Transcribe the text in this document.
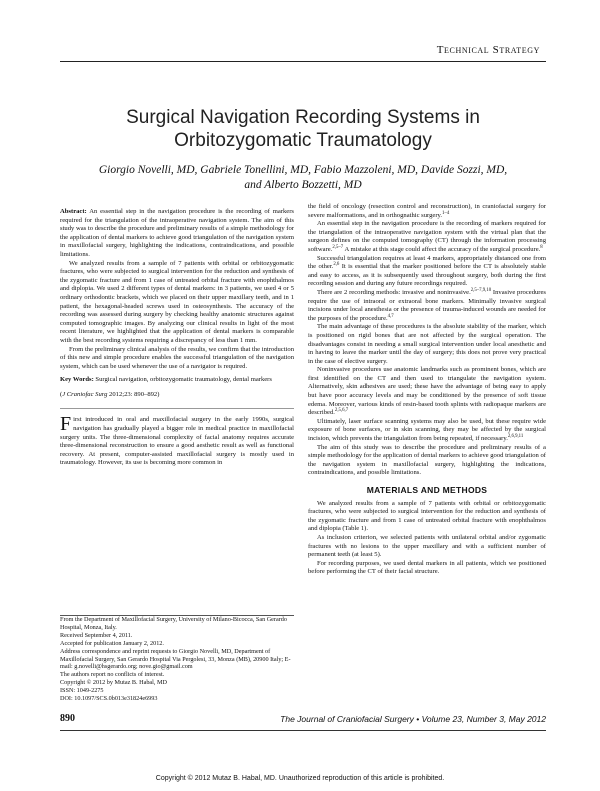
Technical Strategy
Surgical Navigation Recording Systems in Orbitozygomatic Traumatology
Giorgio Novelli, MD, Gabriele Tonellini, MD, Fabio Mazzoleni, MD, Davide Sozzi, MD,
and Alberto Bozzetti, MD

Abstract: An essential step in the navigation procedure is the recording of markers required for the triangulation of the intraoperative navigation system. The aim of this study was to describe the procedure and preliminary results of a simple methodology for the application of dental markers to achieve good triangulation of the navigation system in maxillofacial surgery, highlighting the indications, contraindications, and possible limitations.

We analyzed results from a sample of 7 patients with orbital or orbitozygomatic fractures, who were subjected to surgical intervention for the reduction and synthesis of the zygomatic fracture and from 1 case of untreated orbital fracture with enophthalmos and diplopia. We used 2 different types of dental markers: in 3 patients, we used 4 or 5 ordinary orthodontic brackets, which we placed on their upper maxillary teeth, and in 1 patient, the hexagonal-headed screws used in osteosynthesis. The accuracy of the recording was assessed during surgery by checking healthy anatomic structures against computed tomographic images. By analyzing our clinical results in light of the most recent literature, we highlighted that the application of dental markers is comparable with the best recording systems requiring a discrepancy of less than 1 mm.

From the preliminary clinical analysis of the results, we confirm that the introduction of this new and simple procedure enables the successful triangulation of the navigation system, which can be used whenever the use of a navigator is required.

Key Words: Surgical navigation, orbitozygomatic traumatology, dental markers

(J Craniofac Surg 2012;23: 890–892)

First introduced in oral and maxillofacial surgery in the early 1990s, surgical navigation has gradually played a bigger role in medical practice in maxillofacial surgery units. The three-dimensional complexity of facial anatomy requires accurate three-dimensional reconstruction to ensure a good aesthetic result as well as functional recovery. At present, computer-assisted maxillofacial surgery is mostly used in traumatology. However, its use is becoming more common in

From the Department of Maxillofacial Surgery, University of Milano-Bicocca, San Gerardo Hospital, Monza, Italy.
Received September 4, 2011.
Accepted for publication January 2, 2012.
Address correspondence and reprint requests to Giorgio Novelli, MD, Department of Maxillofacial Surgery, San Gerardo Hospital Via Pergolesi, 33, Monza (MB), 20900 Italy; E-mail: g.novelli@hsgerardo.org; nove.gio@gmail.com
The authors report no conflicts of interest.
Copyright © 2012 by Mutaz B. Habal, MD
ISSN: 1049-2275
DOI: 10.1097/SCS.0b013e31824e6993

the field of oncology (resection control and reconstruction), in craniofacial surgery for severe malformations, and in orthognathic surgery.$^{1-4}$

An essential step in the navigation procedure is the recording of markers required for the triangulation of the intraoperative navigation system with the virtual plan that the surgeon defines on the computed tomography (CT) through the information processing software.$^{2,5-7}$ A mistake at this stage could affect the accuracy of the surgical procedure.$^8$

Successful triangulation requires at least 4 markers, appropriately distanced one from the other.$^{2,6}$ It is essential that the marker positioned before the CT is absolutely stable and easy to access, as it is subsequently used throughout surgery, both during the first recording session and during any future recordings required.

There are 2 recording methods: invasive and noninvasive.$^{2,5-7,9,10}$ Invasive procedures require the use of intraoral or extraoral bone markers. Minimally invasive surgical incisions under local anesthesia or the presence of trauma-induced wounds are needed for the purposes of the procedure.$^{4,7}$

The main advantage of these procedures is the absolute stability of the marker, which is positioned on rigid bones that are not affected by the surgical operation. The disadvantages consist in needing a small surgical intervention under local anesthetic and in having to leave the marker until the day of surgery; this does not prove very practical in the case of elective surgery.

Noninvasive procedures use anatomic landmarks such as prominent bones, which are first identified on the CT and then used to triangulate the navigation system. Alternatively, skin adhesives are used; these have the advantage of being easy to apply but have poor accuracy levels and may be conditioned by the presence of soft tissue edema. Moreover, various kinds of resin-based tooth splints with radiopaque markers are described.$^{2,5,6,7}$

Ultimately, laser surface scanning systems may also be used, but these require wide exposure of bone surfaces, or in skin scanning, they may be affected by the surgical incision, which prevents the triangulation from being repeated, if necessary.$^{2,6,9,11}$

The aim of this study was to describe the procedure and preliminary results of a simple methodology for the application of dental markers to achieve good triangulation of the navigation system in maxillofacial surgery, highlighting the indications, contraindications, and possible limitations.

MATERIALS AND METHODS

We analyzed results from a sample of 7 patients with orbital or orbitozygomatic fractures, who were subjected to surgical intervention for the reduction and synthesis of the zygomatic fracture and from 1 case of untreated orbital fracture with enophthalmos and diplopia (Table 1).

As inclusion criterion, we selected patients with unilateral orbital and/or zygomatic fractures with no lesions to the upper maxillary and with a sufficient number of permanent teeth (at least 5).

For recording purposes, we used dental markers in all patients, which we positioned before performing the CT of their facial structure.

890	The Journal of Craniofacial Surgery • Volume 23, Number 3, May 2012
Copyright © 2012 Mutaz B. Habal, MD. Unauthorized reproduction of this article is prohibited.
